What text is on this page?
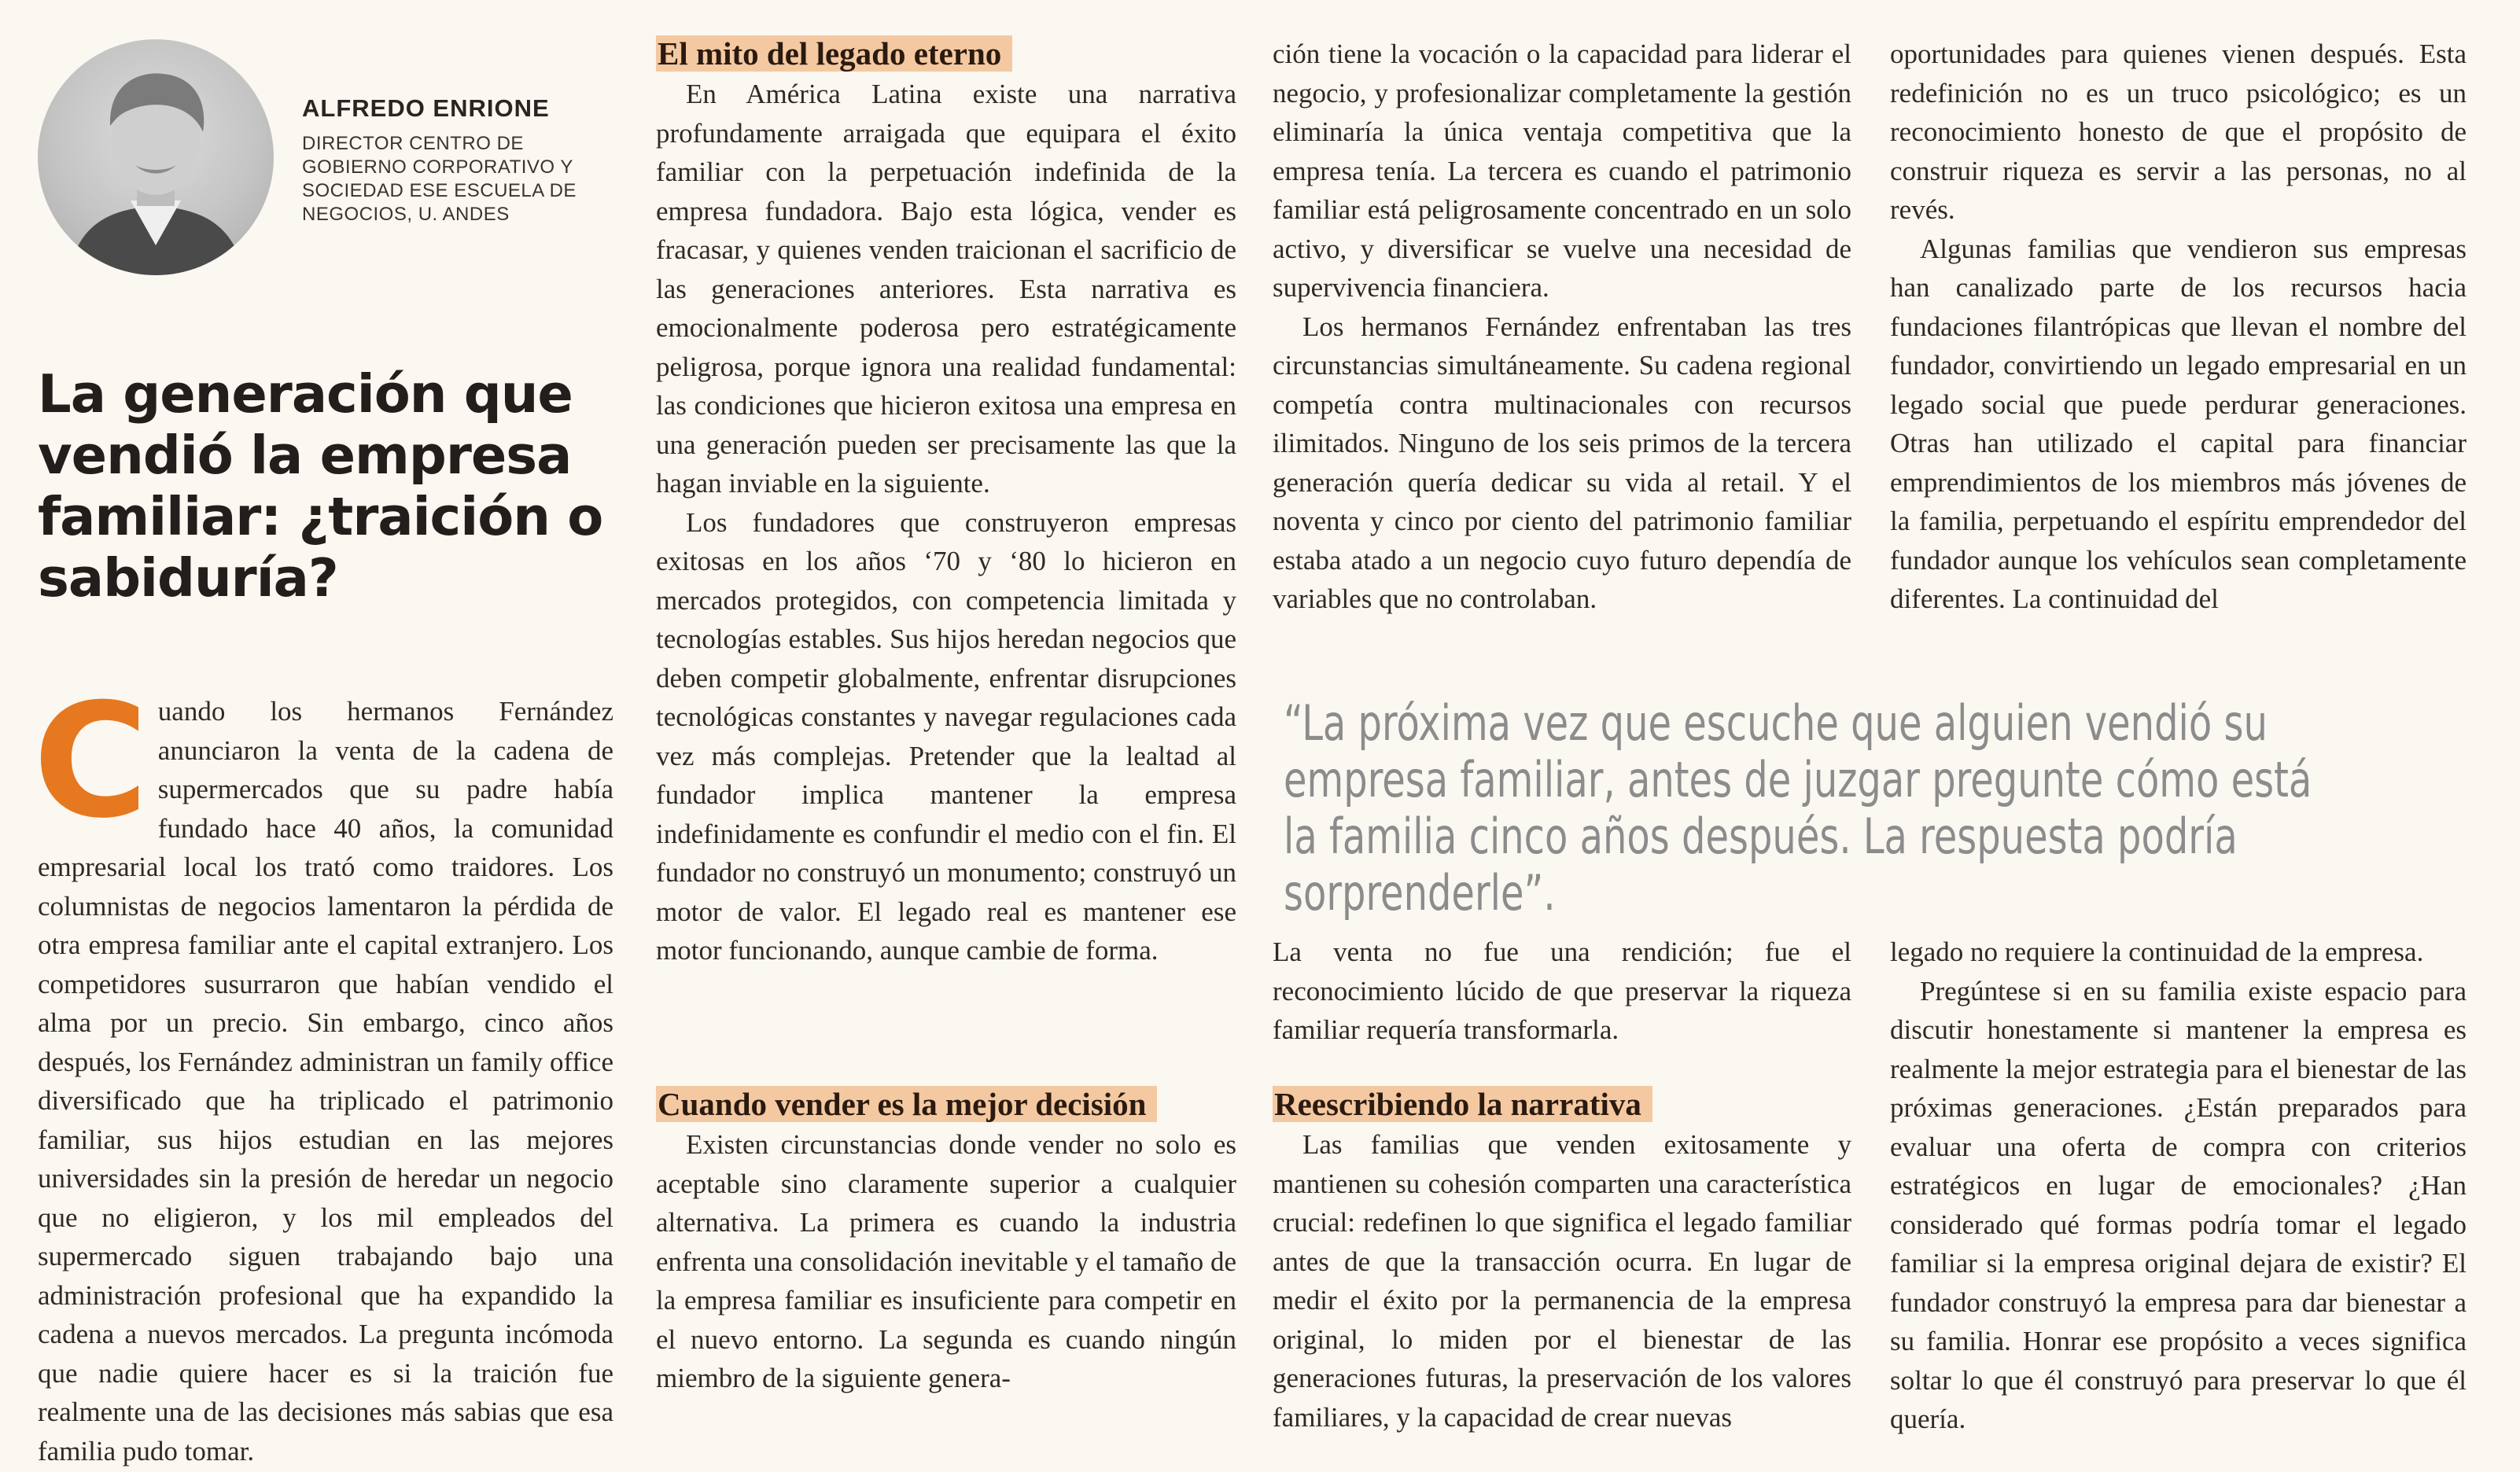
ALFREDO ENRIONE
DIRECTOR CENTRO DE GOBIERNO CORPORATIVO Y SOCIEDAD ESE ESCUELA DE NEGOCIOS, U. ANDES
La generación que vendió la empresa familiar: ¿traición o sabiduría?

Cuando los hermanos Fernández anunciaron la venta de la cadena de supermercados que su padre había fundado hace 40 años, la comunidad empresarial local los trató como traidores. Los columnistas de negocios lamentaron la pérdida de otra empresa familiar ante el capital extranjero. Los competidores susurraron que habían vendido el alma por un precio. Sin embargo, cinco años después, los Fernández administran un family office diversificado que ha triplicado el patrimonio familiar, sus hijos estudian en las mejores universidades sin la presión de heredar un negocio que no eligieron, y los mil empleados del supermercado siguen trabajando bajo una administración profesional que ha expandido la cadena a nuevos mercados. La pregunta incómoda que nadie quiere hacer es si la traición fue realmente una de las decisiones más sabias que esa familia pudo tomar.

El mito del legado eterno

En América Latina existe una narrativa profundamente arraigada que equipara el éxito familiar con la perpetuación indefinida de la empresa fundadora. Bajo esta lógica, vender es fracasar, y quienes venden traicionan el sacrificio de las generaciones anteriores. Esta narrativa es emocionalmente poderosa pero estratégicamente peligrosa, porque ignora una realidad fundamental: las condiciones que hicieron exitosa una empresa en una generación pueden ser precisamente las que la hagan inviable en la siguiente.

Los fundadores que construyeron empresas exitosas en los años ‘70 y ‘80 lo hicieron en mercados protegidos, con competencia limitada y tecnologías estables. Sus hijos heredan negocios que deben competir globalmente, enfrentar disrupciones tecnológicas constantes y navegar regulaciones cada vez más complejas. Pretender que la lealtad al fundador implica mantener la empresa indefinidamente es confundir el medio con el fin. El fundador no construyó un monumento; construyó un motor de valor. El legado real es mantener ese motor funcionando, aunque cambie de forma.

Cuando vender es la mejor decisión

Existen circunstancias donde vender no solo es aceptable sino claramente superior a cualquier alternativa. La primera es cuando la industria enfrenta una consolidación inevitable y el tamaño de la empresa familiar es insuficiente para competir en el nuevo entorno. La segunda es cuando ningún miembro de la siguiente genera-

ción tiene la vocación o la capacidad para liderar el negocio, y profesionalizar completamente la gestión eliminaría la única ventaja competitiva que la empresa tenía. La tercera es cuando el patrimonio familiar está peligrosamente concentrado en un solo activo, y diversificar se vuelve una necesidad de supervivencia financiera.

Los hermanos Fernández enfrentaban las tres circunstancias simultáneamente. Su cadena regional competía contra multinacionales con recursos ilimitados. Ninguno de los seis primos de la tercera generación quería dedicar su vida al retail. Y el noventa y cinco por ciento del patrimonio familiar estaba atado a un negocio cuyo futuro dependía de variables que no controlaban.

La venta no fue una rendición; fue el reconocimiento lúcido de que preservar la riqueza familiar requería transformarla.

Reescribiendo la narrativa

Las familias que venden exitosamente y mantienen su cohesión comparten una característica crucial: redefinen lo que significa el legado familiar antes de que la transacción ocurra. En lugar de medir el éxito por la permanencia de la empresa original, lo miden por el bienestar de las generaciones futuras, la preservación de los valores familiares, y la capacidad de crear nuevas

oportunidades para quienes vienen después. Esta redefinición no es un truco psicológico; es un reconocimiento honesto de que el propósito de construir riqueza es servir a las personas, no al revés.

Algunas familias que vendieron sus empresas han canalizado parte de los recursos hacia fundaciones filantrópicas que llevan el nombre del fundador, convirtiendo un legado empresarial en un legado social que puede perdurar generaciones. Otras han utilizado el capital para financiar emprendimientos de los miembros más jóvenes de la familia, perpetuando el espíritu emprendedor del fundador aunque los vehículos sean completamente diferentes. La continuidad del

legado no requiere la continuidad de la empresa.

Pregúntese si en su familia existe espacio para discutir honestamente si mantener la empresa es realmente la mejor estrategia para el bienestar de las próximas generaciones. ¿Están preparados para evaluar una oferta de compra con criterios estratégicos en lugar de emocionales? ¿Han considerado qué formas podría tomar el legado familiar si la empresa original dejara de existir? El fundador construyó la empresa para dar bienestar a su familia. Honrar ese propósito a veces significa soltar lo que él construyó para preservar lo que él quería.

“La próxima vez que escuche que alguien vendió su empresa familiar, antes de juzgar pregunte cómo está la familia cinco años después. La respuesta podría sorprenderle”.
